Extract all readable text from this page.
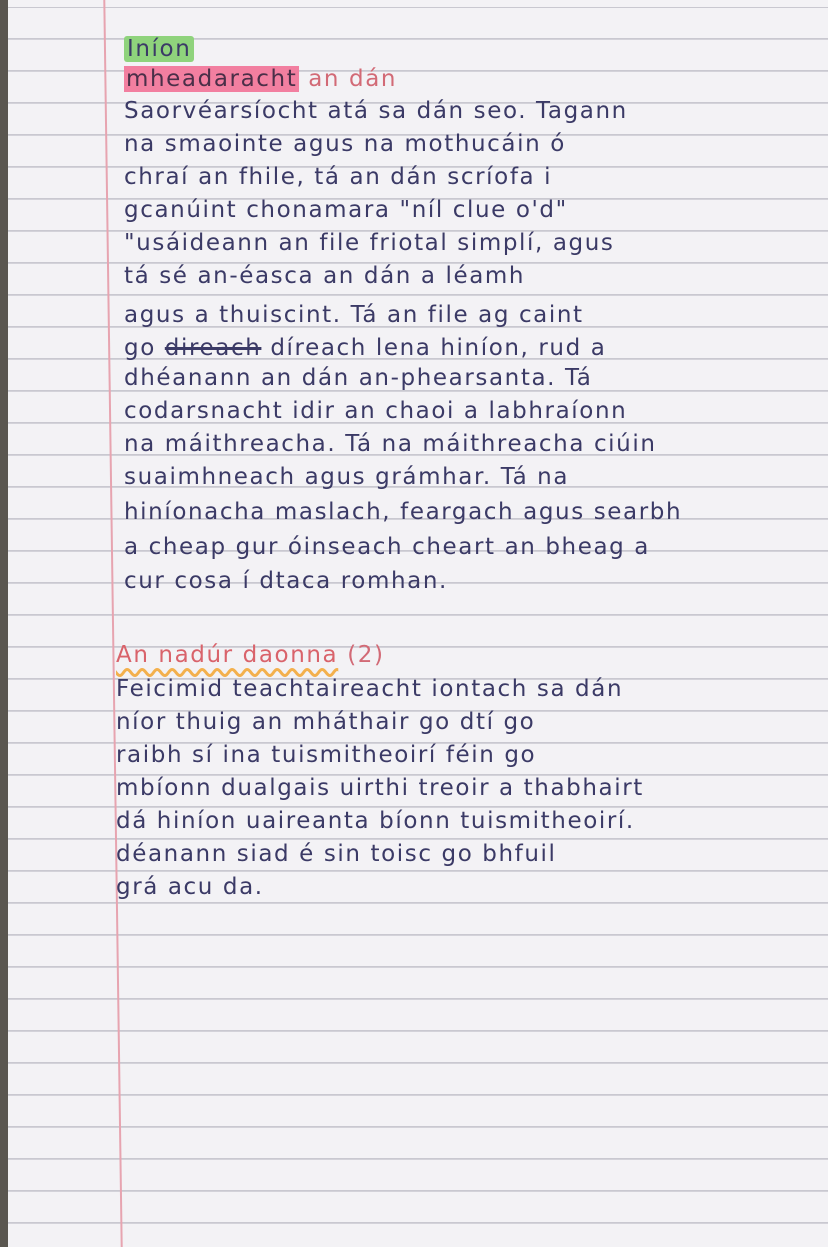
Iníon
mheadaracht an dán
Saorvéarsíocht atá sa dán seo. Tagann
na smaointe agus na mothucáin ó
chraí an fhile, tá an dán scríofa i
gcanúint chonamara "níl clue o'd"
"usáideann an file friotal simplí, agus
tá sé an-éasca an dán a léamh
agus a thuiscint. Tá an file ag caint
go direach díreach lena hiníon, rud a
dhéanann an dán an-phearsanta. Tá
codarsnacht idir an chaoi a labhraíonn
na máithreacha. Tá na máithreacha ciúin
suaimhneach agus grámhar. Tá na
hiníonacha maslach, feargach agus searbh
a cheap gur óinseach cheart an bheag a
cur cosa í dtaca romhan.
An nadúr daonna (2)
Feicimid teachtaireacht iontach sa dán
níor thuig an mháthair go dtí go
raibh sí ina tuismitheoirí féin go
mbíonn dualgais uirthi treoir a thabhairt
dá hiníon uaireanta bíonn tuismitheoirí.
déanann siad é sin toisc go bhfuil
grá acu da.
